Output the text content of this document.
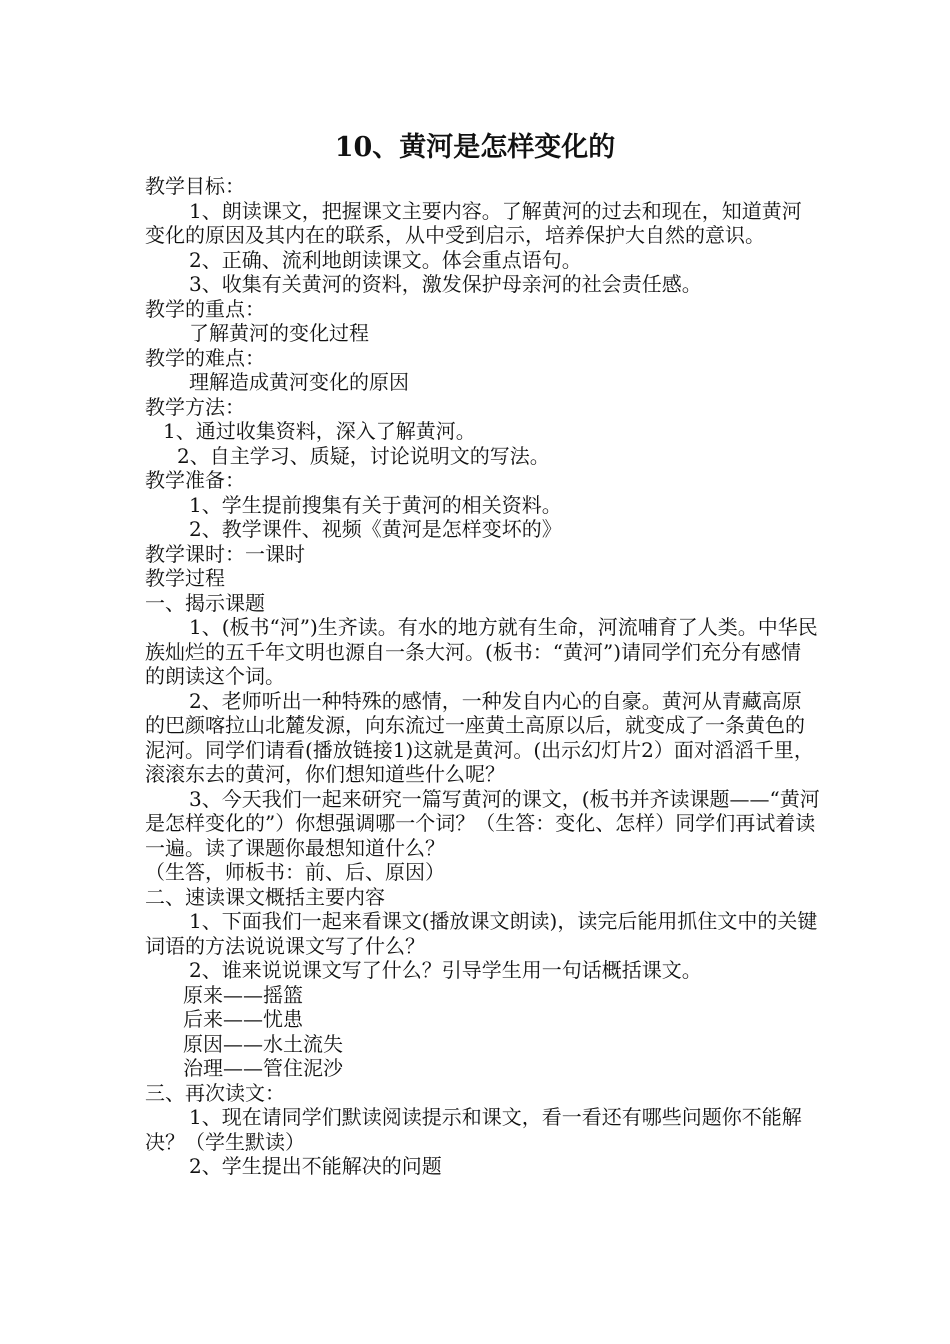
10、黄河是怎样变化的

教学目标：

1、朗读课文，把握课文主要内容。了解黄河的过去和现在，知道黄河变化的原因及其内在的联系，从中受到启示，培养保护大自然的意识。

2、正确、流利地朗读课文。体会重点语句。

3、收集有关黄河的资料，激发保护母亲河的社会责任感。

教学的重点：

了解黄河的变化过程

教学的难点：

理解造成黄河变化的原因

教学方法：

1、通过收集资料，深入了解黄河。

2、自主学习、质疑，讨论说明文的写法。

教学准备：

1、学生提前搜集有关于黄河的相关资料。

2、教学课件、视频《黄河是怎样变坏的》

教学课时：一课时

教学过程

一、揭示课题

1、(板书“河”)生齐读。有水的地方就有生命，河流哺育了人类。中华民族灿烂的五千年文明也源自一条大河。(板书：“黄河”)请同学们充分有感情的朗读这个词。

2、老师听出一种特殊的感情，一种发自内心的自豪。黄河从青藏高原的巴颜喀拉山北麓发源，向东流过一座黄土高原以后，就变成了一条黄色的泥河。同学们请看(播放链接1)这就是黄河。(出示幻灯片2）面对滔滔千里，滚滚东去的黄河，你们想知道些什么呢？

3、今天我们一起来研究一篇写黄河的课文，(板书并齐读课题——“黄河是怎样变化的”）你想强调哪一个词？（生答：变化、怎样）同学们再试着读一遍。读了课题你最想知道什么？

（生答，师板书：前、后、原因）

二、速读课文概括主要内容

1、下面我们一起来看课文(播放课文朗读)，读完后能用抓住文中的关键词语的方法说说课文写了什么？

2、谁来说说课文写了什么？引导学生用一句话概括课文。

原来——摇篮

后来——忧患

原因——水土流失

治理——管住泥沙

三、再次读文：

1、现在请同学们默读阅读提示和课文，看一看还有哪些问题你不能解决？（学生默读）

2、学生提出不能解决的问题
